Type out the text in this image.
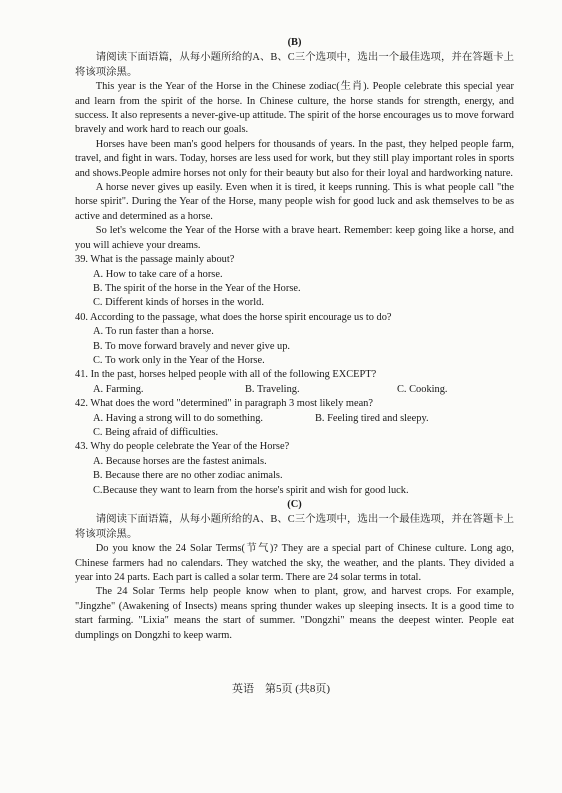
(B)

请阅读下面语篇，从每小题所给的A、B、C三个选项中，选出一个最佳选项，并在答题卡上将该项涂黑。

This year is the Year of the Horse in the Chinese zodiac(生肖). People celebrate this special year and learn from the spirit of the horse. In Chinese culture, the horse stands for strength, energy, and success. It also represents a never-give-up attitude. The spirit of the horse encourages us to move forward bravely and work hard to reach our goals.

Horses have been man's good helpers for thousands of years. In the past, they helped people farm, travel, and fight in wars. Today, horses are less used for work, but they still play important roles in sports and shows.People admire horses not only for their beauty but also for their loyal and hardworking nature.

A horse never gives up easily. Even when it is tired, it keeps running. This is what people call "the horse spirit". During the Year of the Horse, many people wish for good luck and ask themselves to be as active and determined as a horse.

So let's welcome the Year of the Horse with a brave heart. Remember: keep going like a horse, and you will achieve your dreams.

39. What is the passage mainly about?

A. How to take care of a horse.

B. The spirit of the horse in the Year of the Horse.

C. Different kinds of horses in the world.

40. According to the passage, what does the horse spirit encourage us to do?

A. To run faster than a horse.

B. To move forward bravely and never give up.

C. To work only in the Year of the Horse.

41. In the past, horses helped people with all of the following EXCEPT?

A. Farming.	B. Traveling.	C. Cooking.

42. What does the word "determined" in paragraph 3 most likely mean?

A. Having a strong will to do something.	B. Feeling tired and sleepy.

C. Being afraid of difficulties.

43. Why do people celebrate the Year of the Horse?

A. Because horses are the fastest animals.

B. Because there are no other zodiac animals.

C.Because they want to learn from the horse's spirit and wish for good luck.

(C)

请阅读下面语篇，从每小题所给的A、B、C三个选项中，选出一个最佳选项，并在答题卡上将该项涂黑。

Do you know the 24 Solar Terms(节气)? They are a special part of Chinese culture. Long ago, Chinese farmers had no calendars. They watched the sky, the weather, and the plants. They divided a year into 24 parts. Each part is called a solar term. There are 24 solar terms in total.

The 24 Solar Terms help people know when to plant, grow, and harvest crops. For example, "Jingzhe" (Awakening of Insects) means spring thunder wakes up sleeping insects. It is a good time to start farming. "Lixia" means the start of summer. "Dongzhi" means the deepest winter. People eat dumplings on Dongzhi to keep warm.

英语　第5页 (共8页)
